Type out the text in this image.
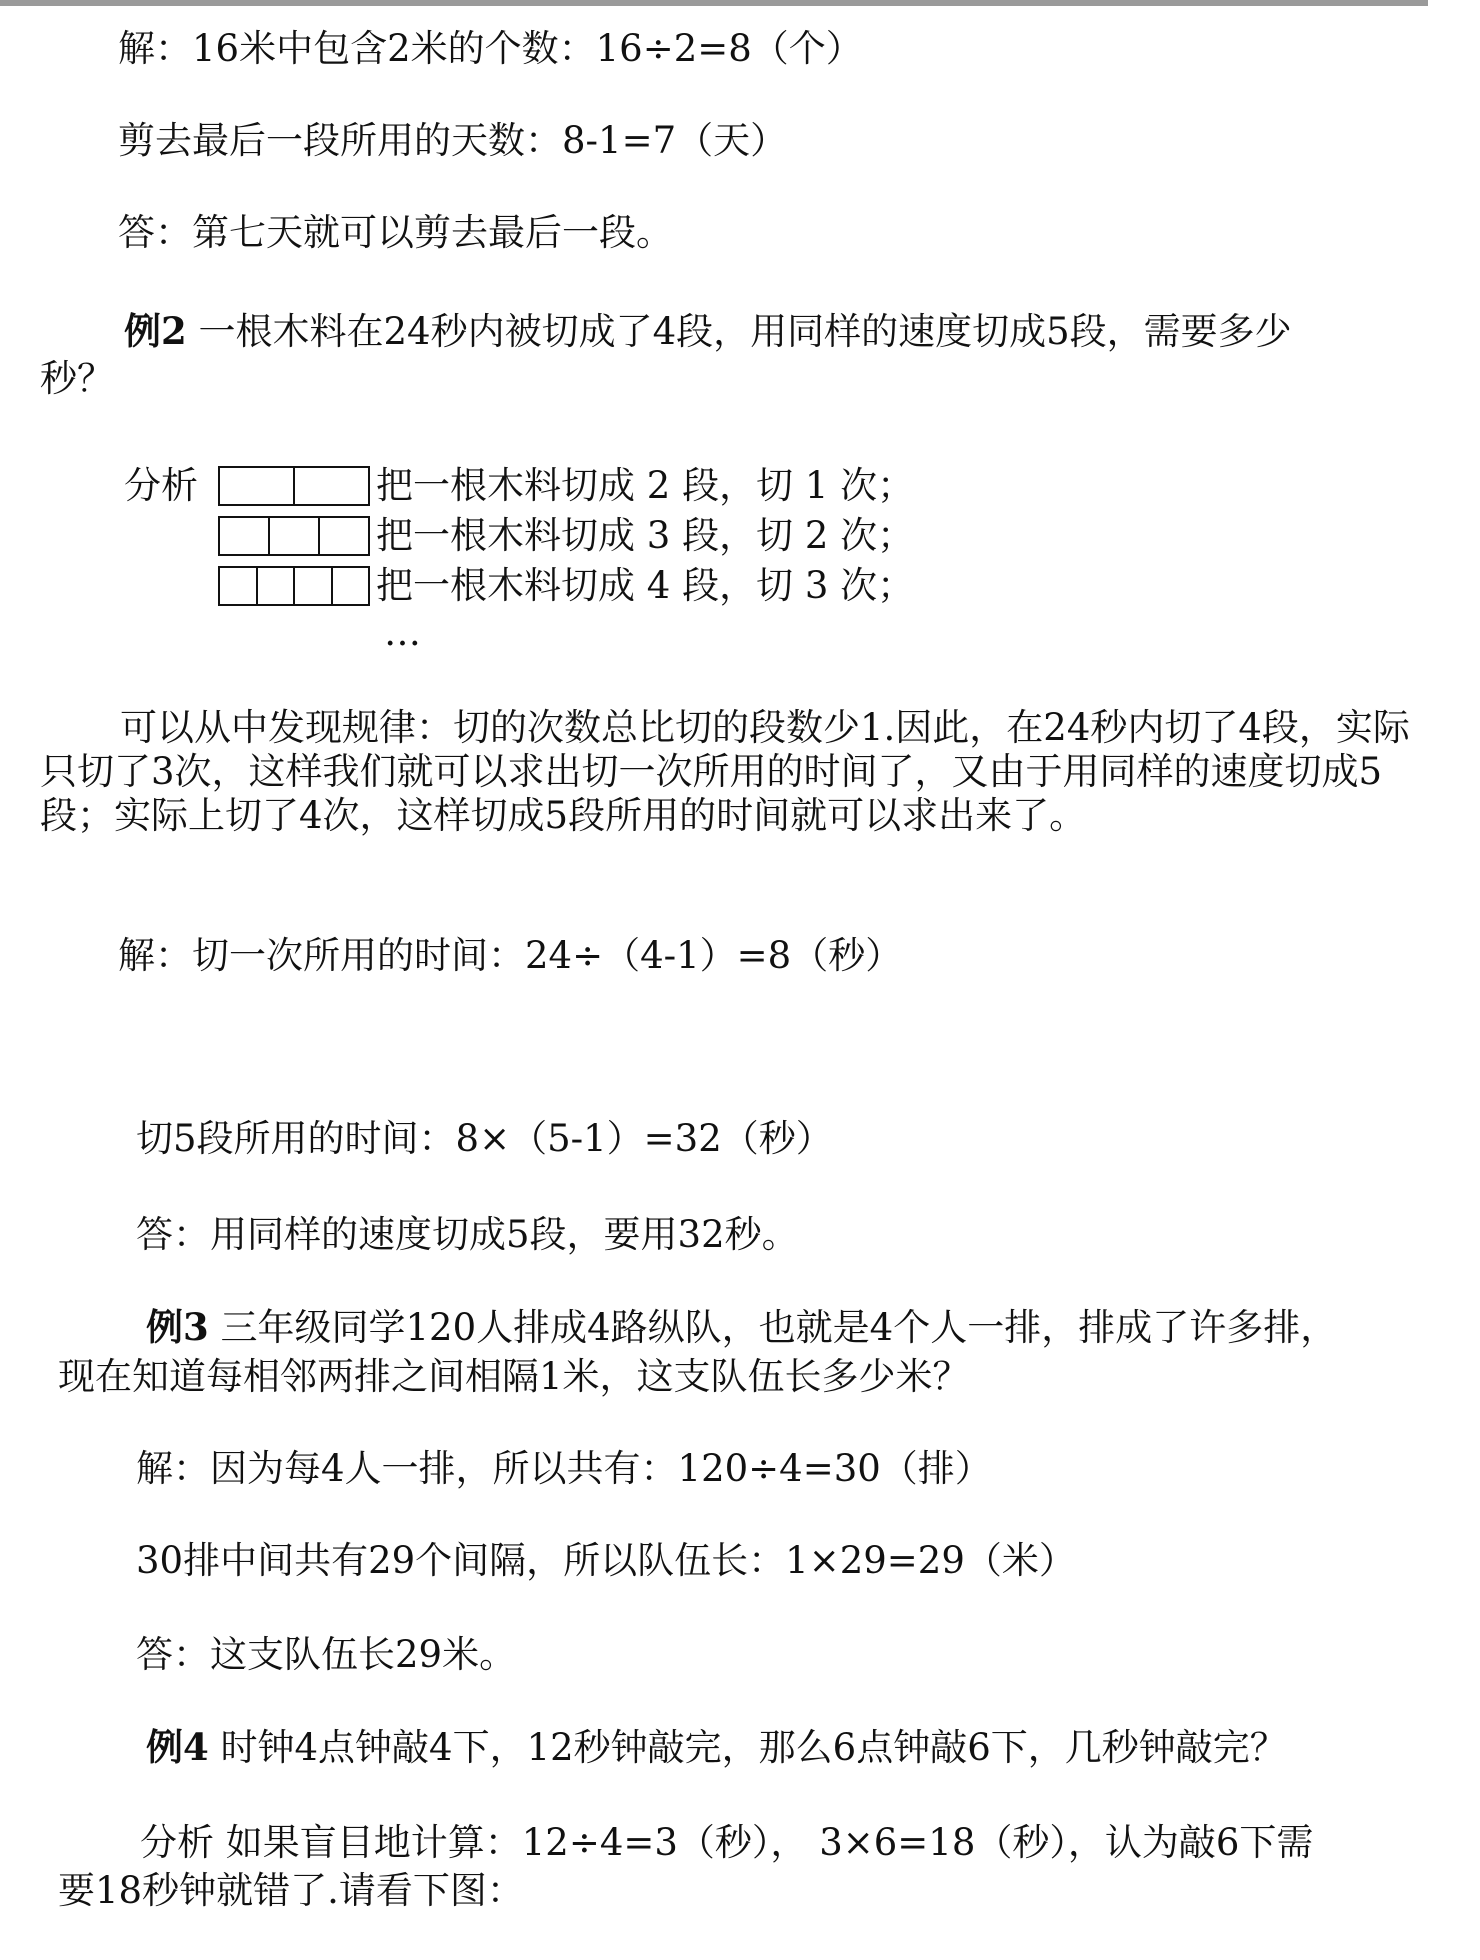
解：16米中包含2米的个数：16÷2=8（个）
剪去最后一段所用的天数：8-1=7（天）
答：第七天就可以剪去最后一段。
例2 一根木料在24秒内被切成了4段，用同样的速度切成5段，需要多少
秒？
分析	把一根木料切成 2 段，切 1 次；
把一根木料切成 3 段，切 2 次；
把一根木料切成 4 段，切 3 次；
…
可以从中发现规律：切的次数总比切的段数少1.因此，在24秒内切了4段，实际只切了3次，这样我们就可以求出切一次所用的时间了，又由于用同样的速度切成5段；实际上切了4次，这样切成5段所用的时间就可以求出来了。
解：切一次所用的时间：24÷（4-1）=8（秒）
切5段所用的时间：8×（5-1）=32（秒）
答：用同样的速度切成5段，要用32秒。
例3 三年级同学120人排成4路纵队，也就是4个人一排，排成了许多排，
现在知道每相邻两排之间相隔1米，这支队伍长多少米？
解：因为每4人一排，所以共有：120÷4=30（排）
30排中间共有29个间隔，所以队伍长：1×29=29（米）
答：这支队伍长29米。
例4 时钟4点钟敲4下，12秒钟敲完，那么6点钟敲6下，几秒钟敲完？
分析 如果盲目地计算：12÷4=3（秒）， 3×6=18（秒），认为敲6下需
要18秒钟就错了.请看下图：
